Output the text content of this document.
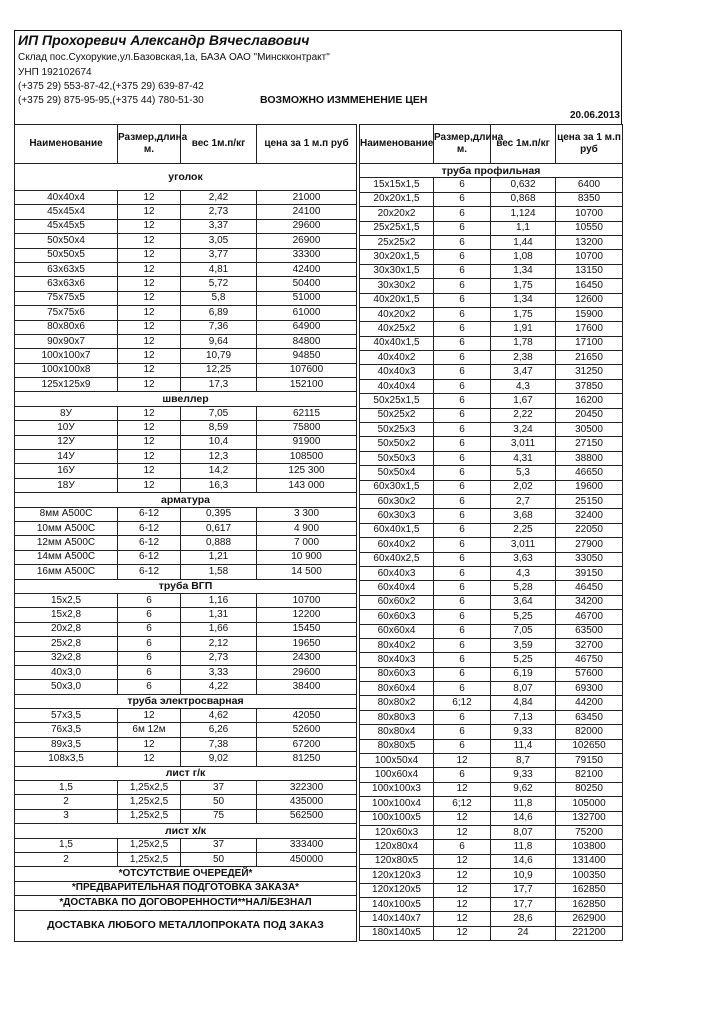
ИП Прохоревич Александр Вячеславович
Склад пос.Сухорукие,ул.Базовская,1а, БАЗА ОАО "Минскконтракт"
УНП 192102674
(+375 29) 553-87-42,(+375 29) 639-87-42
(+375 29) 875-95-95,(+375 44) 780-51-30	ВОЗМОЖНО ИЗММЕНЕНИЕ ЦЕН
20.06.2013
Наименование	Размер,длина м.	вес 1м.п/кг	цена за 1 м.п руб
уголок			
40x40x4	12	2,42	21000
45x45x4	12	2,73	24100
45x45x5	12	3,37	29600
50x50x4	12	3,05	26900
50x50x5	12	3,77	33300
63x63x5	12	4,81	42400
63x63x6	12	5,72	50400
75x75x5	12	5,8	51000
75x75x6	12	6,89	61000
80x80x6	12	7,36	64900
90x90x7	12	9,64	84800
100x100x7	12	10,79	94850
100x100x8	12	12,25	107600
125x125x9	12	17,3	152100
швеллер			
8У	12	7,05	62115
10У	12	8,59	75800
12У	12	10,4	91900
14У	12	12,3	108500
16У	12	14,2	125 300
18У	12	16,3	143 000
арматура			
8мм А500С	6-12	0,395	3 300
10мм А500С	6-12	0,617	4 900
12мм А500С	6-12	0,888	7 000
14мм А500С	6-12	1,21	10 900
16мм А500С	6-12	1,58	14 500
труба ВГП			
15x2,5	6	1,16	10700
15x2,8	6	1,31	12200
20x2,8	6	1,66	15450
25x2,8	6	2,12	19650
32x2,8	6	2,73	24300
40x3,0	6	3,33	29600
50x3,0	6	4,22	38400
труба электросварная			
57x3,5	12	4,62	42050
76x3,5	6м 12м	6,26	52600
89x3,5	12	7,38	67200
108x3,5	12	9,02	81250
лист г/к			
1,5	1,25x2,5	37	322300
2	1,25x2,5	50	435000
3	1,25x2,5	75	562500
лист х/к			
1,5	1,25x2,5	37	333400
2	1,25x2,5	50	450000
*ОТСУТСТВИЕ ОЧЕРЕДЕЙ*			
*ПРЕДВАРИТЕЛЬНАЯ ПОДГОТОВКА ЗАКАЗА*			
*ДОСТАВКА ПО ДОГОВОРЕННОСТИ**НАЛ/БЕЗНАЛ			
ДОСТАВКА ЛЮБОГО МЕТАЛЛОПРОКАТА ПОД ЗАКАЗ			
Наименование	Размер,длина м.	вес 1м.п/кг	цена за 1 м.п руб
труба профильная			
15x15x1,5	6	0,632	6400
20x20x1,5	6	0,868	8350
20x20x2	6	1,124	10700
25x25x1,5	6	1,1	10550
25x25x2	6	1,44	13200
30x20x1,5	6	1,08	10700
30x30x1,5	6	1,34	13150
30x30x2	6	1,75	16450
40x20x1,5	6	1,34	12600
40x20x2	6	1,75	15900
40x25x2	6	1,91	17600
40x40x1,5	6	1,78	17100
40x40x2	6	2,38	21650
40x40x3	6	3,47	31250
40x40x4	6	4,3	37850
50x25x1,5	6	1,67	16200
50x25x2	6	2,22	20450
50x25x3	6	3,24	30500
50x50x2	6	3,011	27150
50x50x3	6	4,31	38800
50x50x4	6	5,3	46650
60x30x1,5	6	2,02	19600
60x30x2	6	2,7	25150
60x30x3	6	3,68	32400
60x40x1,5	6	2,25	22050
60x40x2	6	3,011	27900
60x40x2,5	6	3,63	33050
60x40x3	6	4,3	39150
60x40x4	6	5,28	46450
60x60x2	6	3,64	34200
60x60x3	6	5,25	46700
60x60x4	6	7,05	63500
80x40x2	6	3,59	32700
80x40x3	6	5,25	46750
80x60x3	6	6,19	57600
80x60x4	6	8,07	69300
80x80x2	6;12	4,84	44200
80x80x3	6	7,13	63450
80x80x4	6	9,33	82000
80x80x5	6	11,4	102650
100x50x4	12	8,7	79150
100x60x4	6	9,33	82100
100x100x3	12	9,62	80250
100x100x4	6;12	11,8	105000
100x100x5	12	14,6	132700
120x60x3	12	8,07	75200
120x80x4	6	11,8	103800
120x80x5	12	14,6	131400
120x120x3	12	10,9	100350
120x120x5	12	17,7	162850
140x100x5	12	17,7	162850
140x140x7	12	28,6	262900
180x140x5	12	24	221200
